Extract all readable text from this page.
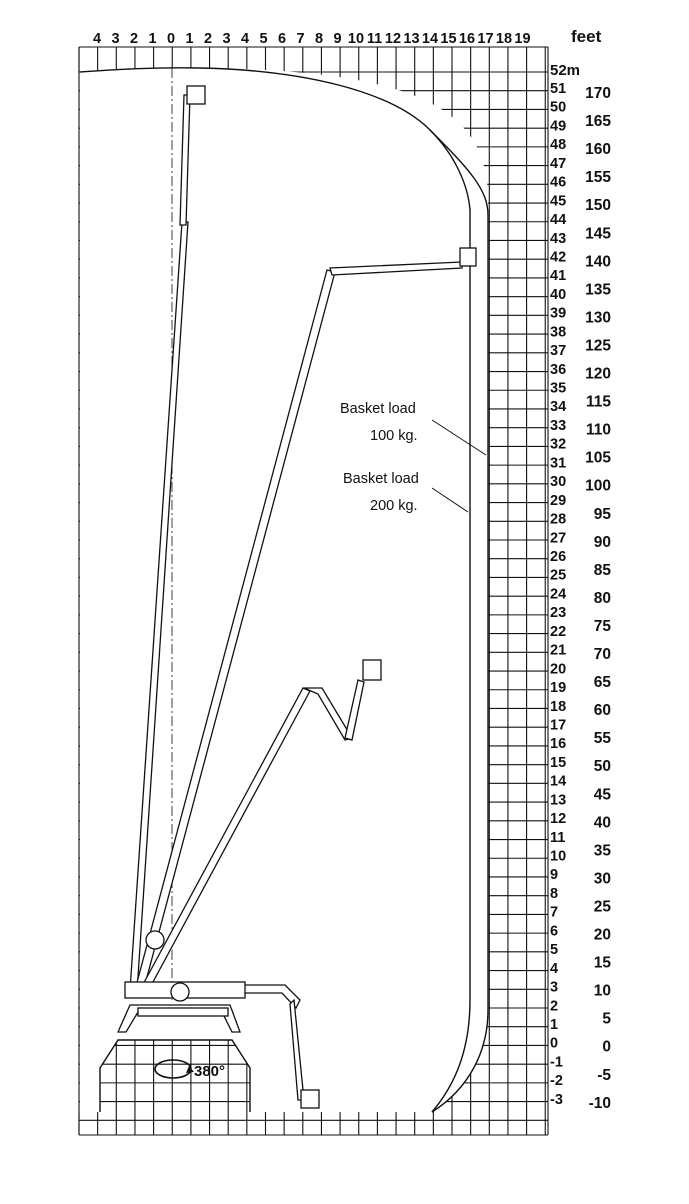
380°
4 3 2 1 0 1 2 3 4 5 6 7 8 9 10 11 12 13 14 15 16 17 18 19 feet
52m
51
50
49
48
47
46
45
44
43
42
41
40
39
38
37
36
35
34
33
32
31
30
29
28
27
26
25
24
23
22
21
20
19
18
17
16
15
14
13
12
11
10
9
8
7
6
5
4
3
2
1
0
-1
-2
-3
170
165
160
155
150
145
140
135
130
125
120
115
110
105
100
95
90
85
80
75
70
65
60
55
50
45
40
35
30
25
20
15
10
5
0
-5
-10
Basket load
100 kg.
Basket load
200 kg.
